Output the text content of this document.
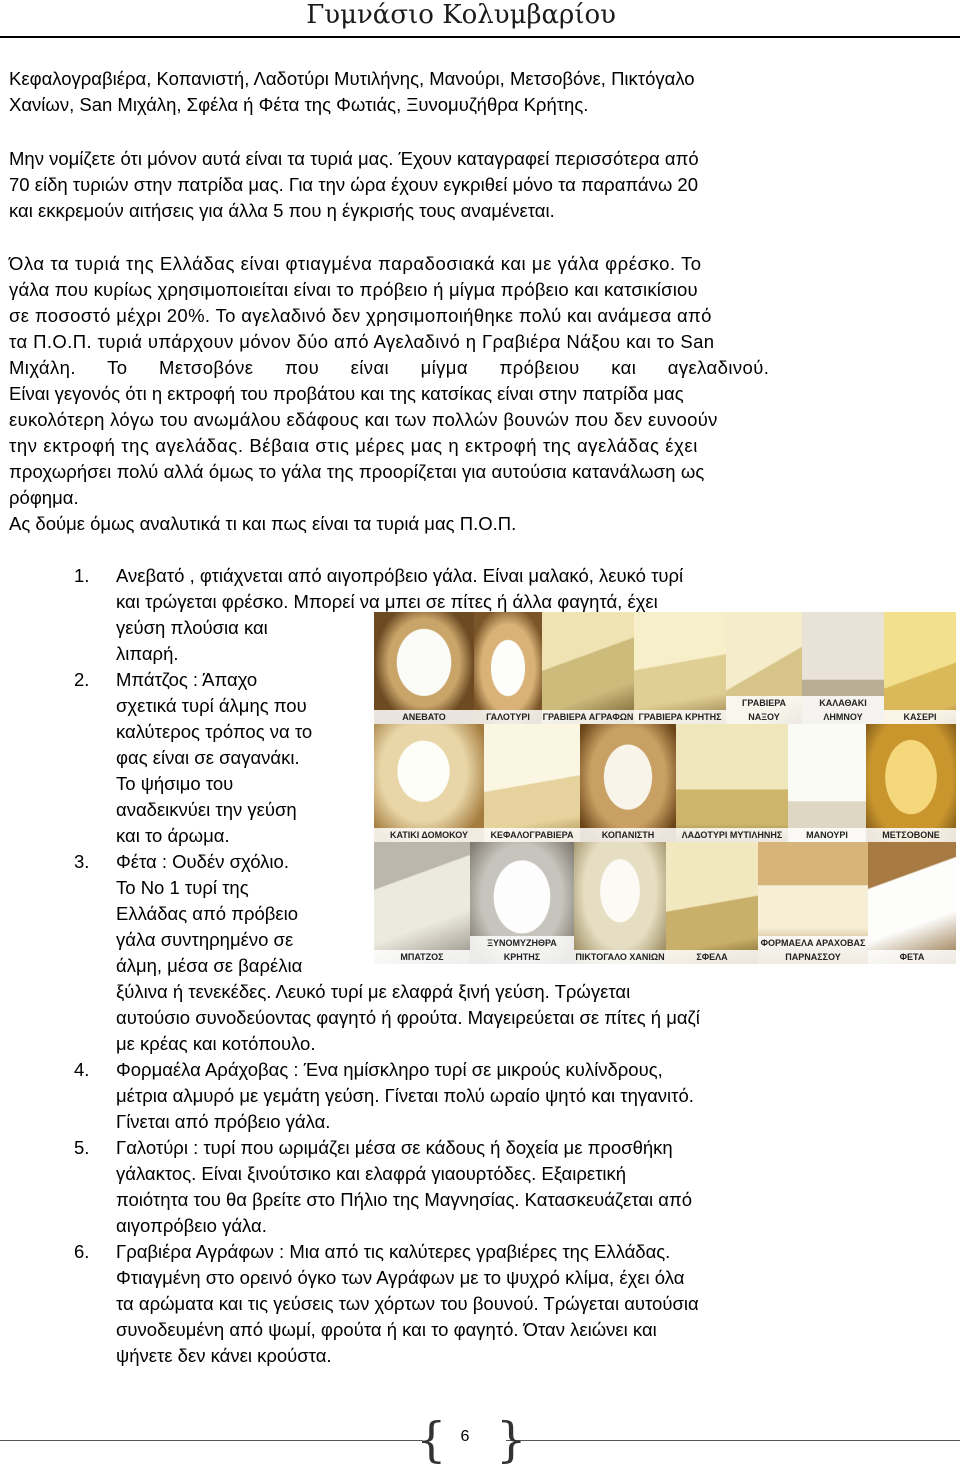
Γυμνάσιο Κολυμβαρίου
Κεφαλογραβιέρα, Κοπανιστή, Λαδοτύρι Μυτιλήνης, Μανούρι, Μετσοβόνε, Πικτόγαλο
Χανίων, San Μιχάλη, Σφέλα ή Φέτα της Φωτιάς, Ξυνομυζήθρα Κρήτης.
Μην νομίζετε ότι μόνον αυτά είναι τα τυριά μας. Έχουν καταγραφεί περισσότερα από
70 είδη τυριών στην πατρίδα μας. Για την ώρα έχουν εγκριθεί μόνο τα παραπάνω 20
και εκκρεμούν αιτήσεις για άλλα 5 που η έγκρισής τους αναμένεται.
Όλα τα τυριά της Ελλάδας είναι φτιαγμένα παραδοσιακά και με γάλα φρέσκο. Το
γάλα που κυρίως χρησιμοποιείται είναι το πρόβειο ή μίγμα πρόβειο και κατσικίσιου
σε ποσοστό μέχρι 20%. Το αγελαδινό δεν χρησιμοποιήθηκε πολύ και ανάμεσα από
τα Π.Ο.Π. τυριά υπάρχουν μόνον δύο από Αγελαδινό η Γραβιέρα Νάξου και το San
Μιχάλη. Το Μετσοβόνε που είναι μίγμα πρόβειου και αγελαδινού.
Είναι γεγονός ότι η εκτροφή του προβάτου και της κατσίκας είναι στην πατρίδα μας
ευκολότερη λόγω του ανωμάλου εδάφους και των πολλών βουνών που δεν ευνοούν
την εκτροφή της αγελάδας. Βέβαια στις μέρες μας η εκτροφή της αγελάδας έχει
προχωρήσει πολύ αλλά όμως το γάλα της προορίζεται για αυτούσια κατανάλωση ως
ρόφημα.
Ας δούμε όμως αναλυτικά τι και πως είναι τα τυριά μας Π.Ο.Π.
1. Ανεβατό , φτιάχνεται από αιγοπρόβειο γάλα. Είναι μαλακό, λευκό τυρί
και τρώγεται φρέσκο. Μπορεί να μπει σε πίτες ή άλλα φαγητά, έχει
γεύση πλούσια και
λιπαρή.
2. Μπάτζος : Άπαχο
σχετικά τυρί άλμης που
καλύτερος τρόπος να το
φας είναι σε σαγανάκι.
Το ψήσιμο του
αναδεικνύει την γεύση
και το άρωμα.
3. Φέτα : Ουδέν σχόλιο.
Το Νο 1 τυρί της
Ελλάδας από πρόβειο
γάλα συντηρημένο σε
άλμη, μέσα σε βαρέλια
ξύλινα ή τενεκέδες. Λευκό τυρί με ελαφρά ξινή γεύση. Τρώγεται
αυτούσιο συνοδεύοντας φαγητό ή φρούτα. Μαγειρεύεται σε πίτες ή μαζί
με κρέας και κοτόπουλο.
4. Φορμαέλα Αράχοβας : Ένα ημίσκληρο τυρί σε μικρούς κυλίνδρους,
μέτρια αλμυρό με γεμάτη γεύση. Γίνεται πολύ ωραίο ψητό και τηγανιτό.
Γίνεται από πρόβειο γάλα.
5. Γαλοτύρι : τυρί που ωριμάζει μέσα σε κάδους ή δοχεία με προσθήκη
γάλακτος. Είναι ξινούτσικο και ελαφρά γιαουρτόδες. Εξαιρετική
ποιότητα του θα βρείτε στο Πήλιο της Μαγνησίας. Κατασκευάζεται από
αιγοπρόβειο γάλα.
6. Γραβιέρα Αγράφων : Μια από τις καλύτερες γραβιέρες της Ελλάδας.
Φτιαγμένη στο ορεινό όγκο των Αγράφων με το ψυχρό κλίμα, έχει όλα
τα αρώματα και τις γεύσεις των χόρτων του βουνού. Τρώγεται αυτούσια
συνοδευμένη από ψωμί, φρούτα ή και το φαγητό. Όταν λειώνει και
ψήνετε δεν κάνει κρούστα.
ΑΝΕΒΑΤΟ	ΓΑΛΟΤΥΡΙ	ΓΡΑΒΙΕΡΑ ΑΓΡΑΦΩΝ ΓΡΑΒΙΕΡΑ ΚΡΗΤΗΣ
ΓΡΑΒΙΕΡΑ ΝΑΞΟΥ
ΚΑΛΑΘΑΚΙ ΛΗΜΝΟΥ	ΚΑΣΕΡΙ
ΚΑΤΙΚΙ ΔΟΜΟΚΟΥ	ΚΕΦΑΛΟΓΡΑΒΙΕΡΑ	ΚΟΠΑΝΙΣΤΗ	ΛΑΔΟΤΥΡΙ ΜΥΤΙΛΗΝΗΣ	ΜΑΝΟΥΡΙ	ΜΕΤΣΟΒΟΝΕ
ΜΠΑΤΖΟΣ
ΞΥΝΟΜΥΖΗΘΡΑ ΚΡΗΤΗΣ	ΠΙΚΤΟΓΑΛΟ ΧΑΝΙΩΝ	ΣΦΕΛΑ
ΦΟΡΜΑΕΛΑ ΑΡΑΧΟΒΑΣ ΠΑΡΝΑΣΣΟΥ	ΦΕΤΑ
{ }
6
